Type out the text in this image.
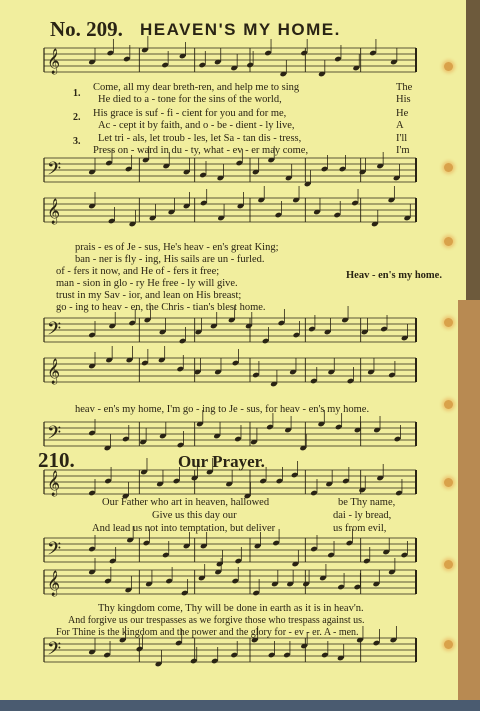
No. 209. HEAVEN'S MY HOME.
𝄞
𝄢
𝄞
𝄢
𝄞
𝄢
𝄞
𝄢
𝄞
𝄢
1.
2.
3.
Come, all my dear breth-ren, and help me to sing	The
He died to a - tone for the sins of the world,	His
His grace is suf - fi - cient for you and for me,	He
Ac - cept it by faith, and o - be - dient - ly live,	A
Let tri - als, let troub - les, let Sa - tan dis - tress,	I'll
Press on - ward in du - ty, what - ev - er may come,	I'm
prais - es of Je - sus, He's heav - en's great King;
ban - ner is fly - ing, His sails are un - furled.
of - fers it now, and He of - fers it free;
man - sion in glo - ry He free - ly will give.
trust in my Sav - ior, and lean on His breast;
go - ing to heav - en, the Chris - tian's blest home.
Heav - en's my home.
heav - en's my home, I'm go - ing to Je - sus, for heav - en's my home.
210.	Our Prayer.
Our Father who art in heaven, hallowed
Give us this day our
And lead us not into temptation, but deliver
be Thy name,
dai - ly bread,
us from evil,
Thy kingdom come, Thy will be done in earth as it is in heav'n.
And forgive us our trespasses as we forgive those who trespass against us.
For Thine is the kingdom and the power and the glory for - ev - er. A - men.
